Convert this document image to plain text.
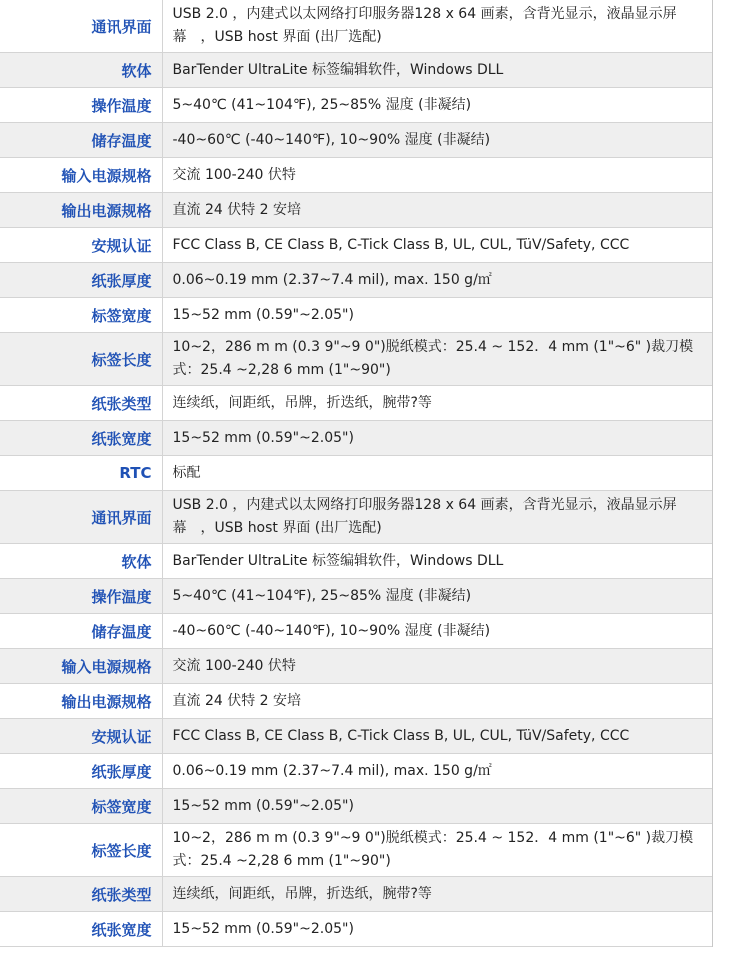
通讯界面	USB 2.0 ，内建式以太网络打印服务器128 x 64 画素，含背光显示，液晶显示屏幕　，USB host 界面 (出厂选配)
软体	BarTender UltraLite 标签编辑软件，Windows DLL
操作温度	5~40℃ (41~104℉), 25~85% 湿度 (非凝结)
储存温度	-40~60℃ (-40~140℉), 10~90% 湿度 (非凝结)
输入电源规格	交流 100-240 伏特
输出电源规格	直流 24 伏特 2 安培
安规认证	FCC Class B, CE Class B, C-Tick Class B, UL, CUL, TüV/Safety, CCC
纸张厚度	0.06~0.19 mm (2.37~7.4 mil), max. 150 g/㎡
标签宽度	15~52 mm (0.59"~2.05")
标签长度	10~2，286 m m (0.3 9"~9 0")脱纸模式：25.4 ~ 152．4 mm (1"~6" )裁刀模式：25.4 ~2,28 6 mm (1"~90")
纸张类型	连续纸，间距纸，吊牌，折迭纸，腕带?等
纸张宽度	15~52 mm (0.59"~2.05")
RTC	标配
通讯界面	USB 2.0 ，内建式以太网络打印服务器128 x 64 画素，含背光显示，液晶显示屏幕　，USB host 界面 (出厂选配)
软体	BarTender UltraLite 标签编辑软件，Windows DLL
操作温度	5~40℃ (41~104℉), 25~85% 湿度 (非凝结)
储存温度	-40~60℃ (-40~140℉), 10~90% 湿度 (非凝结)
输入电源规格	交流 100-240 伏特
输出电源规格	直流 24 伏特 2 安培
安规认证	FCC Class B, CE Class B, C-Tick Class B, UL, CUL, TüV/Safety, CCC
纸张厚度	0.06~0.19 mm (2.37~7.4 mil), max. 150 g/㎡
标签宽度	15~52 mm (0.59"~2.05")
标签长度	10~2，286 m m (0.3 9"~9 0")脱纸模式：25.4 ~ 152．4 mm (1"~6" )裁刀模式：25.4 ~2,28 6 mm (1"~90")
纸张类型	连续纸，间距纸，吊牌，折迭纸，腕带?等
纸张宽度	15~52 mm (0.59"~2.05")
